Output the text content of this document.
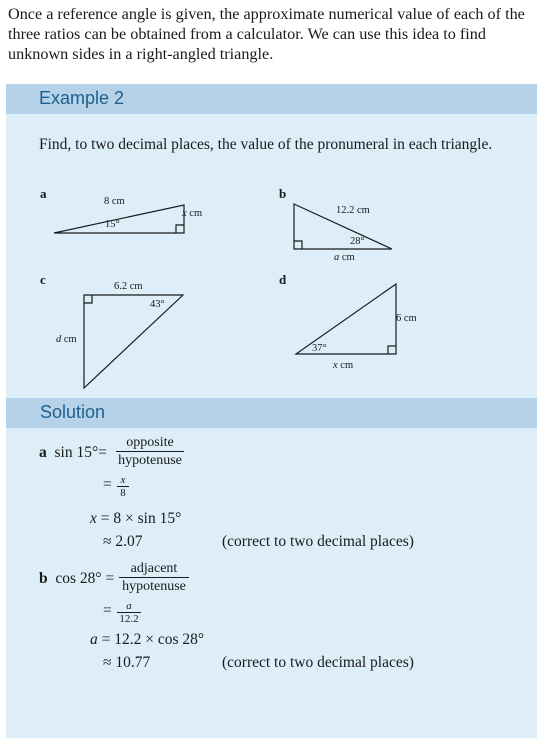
Once a reference angle is given, the approximate numerical value of each of the three ratios can be obtained from a calculator. We can use this idea to find unknown sides in a right-angled triangle.
Example 2
Find, to two decimal places, the value of the pronumeral in each triangle.
a	b
c	d
8 cm
x cm
15°
12.2 cm
28°
a cm
6.2 cm
43°
d cm
6 cm
37°
x cm
Solution
a sin 15°=
opposite
hypotenuse
= $\frac{x}{8}$
x = 8 × sin 15°
≈ 2.07	(correct to two decimal places)
b cos 28° =
adjacent
hypotenuse
= $\frac{a}{12.2}$
a = 12.2 × cos 28°
≈ 10.77	(correct to two decimal places)
